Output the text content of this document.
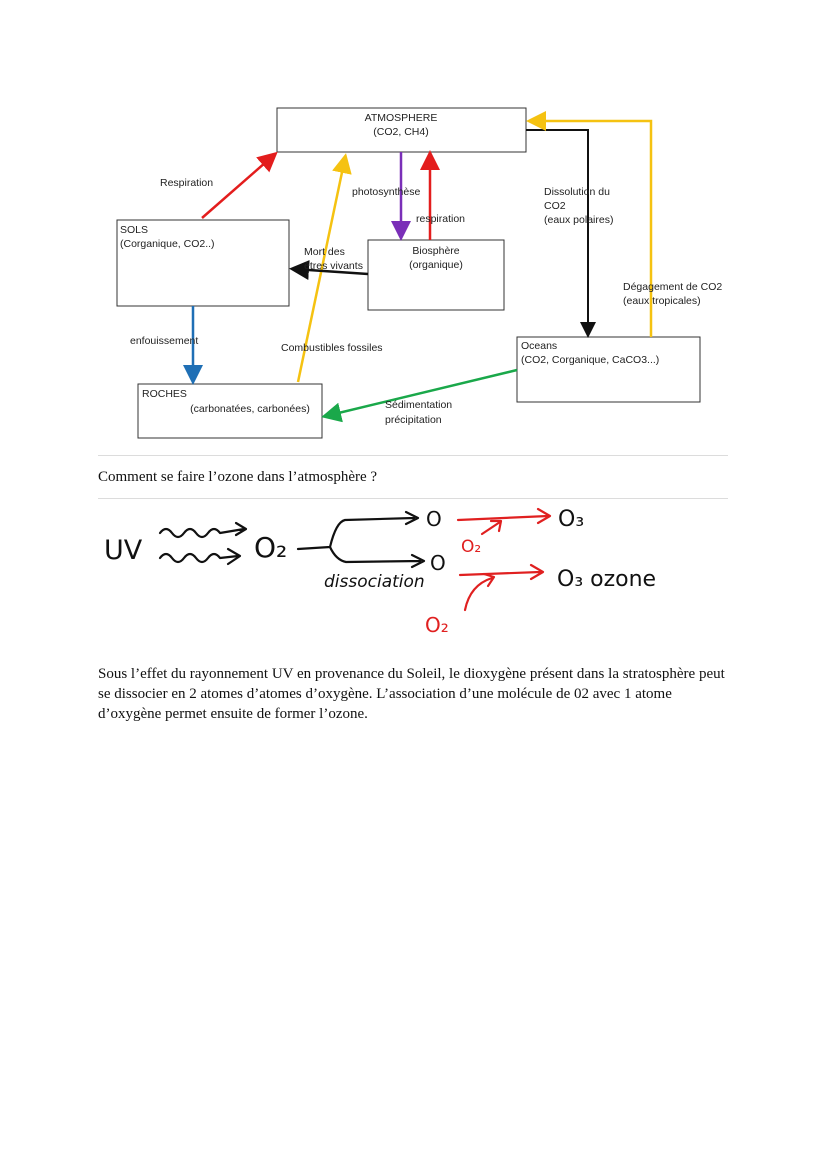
ATMOSPHERE
(CO2, CH4)
SOLS
(Corganique, CO2..)
Biosphère
(organique)
Oceans
(CO2, Corganique, CaCO3...)
ROCHES
(carbonatées, carbonées)
Respiration
photosynthèse
respiration
Dissolution du
CO2
(eaux polaires)
Dégagement de CO2
(eaux tropicales)
Mort des
êtres vivants
enfouissement
Combustibles fossiles
Sédimentation
précipitation
Comment se faire l’ozone dans l’atmosphère ?
UV	O₂
O
O
dissociation
O₂
O₂
O₃
O₃ ozone

Sous l’effet du rayonnement UV en provenance du Soleil, le dioxygène présent dans la stratosphère peut se dissocier en 2 atomes d’atomes d’oxygène. L’association d’une molécule de 02 avec 1 atome d’oxygène permet ensuite de former l’ozone.
